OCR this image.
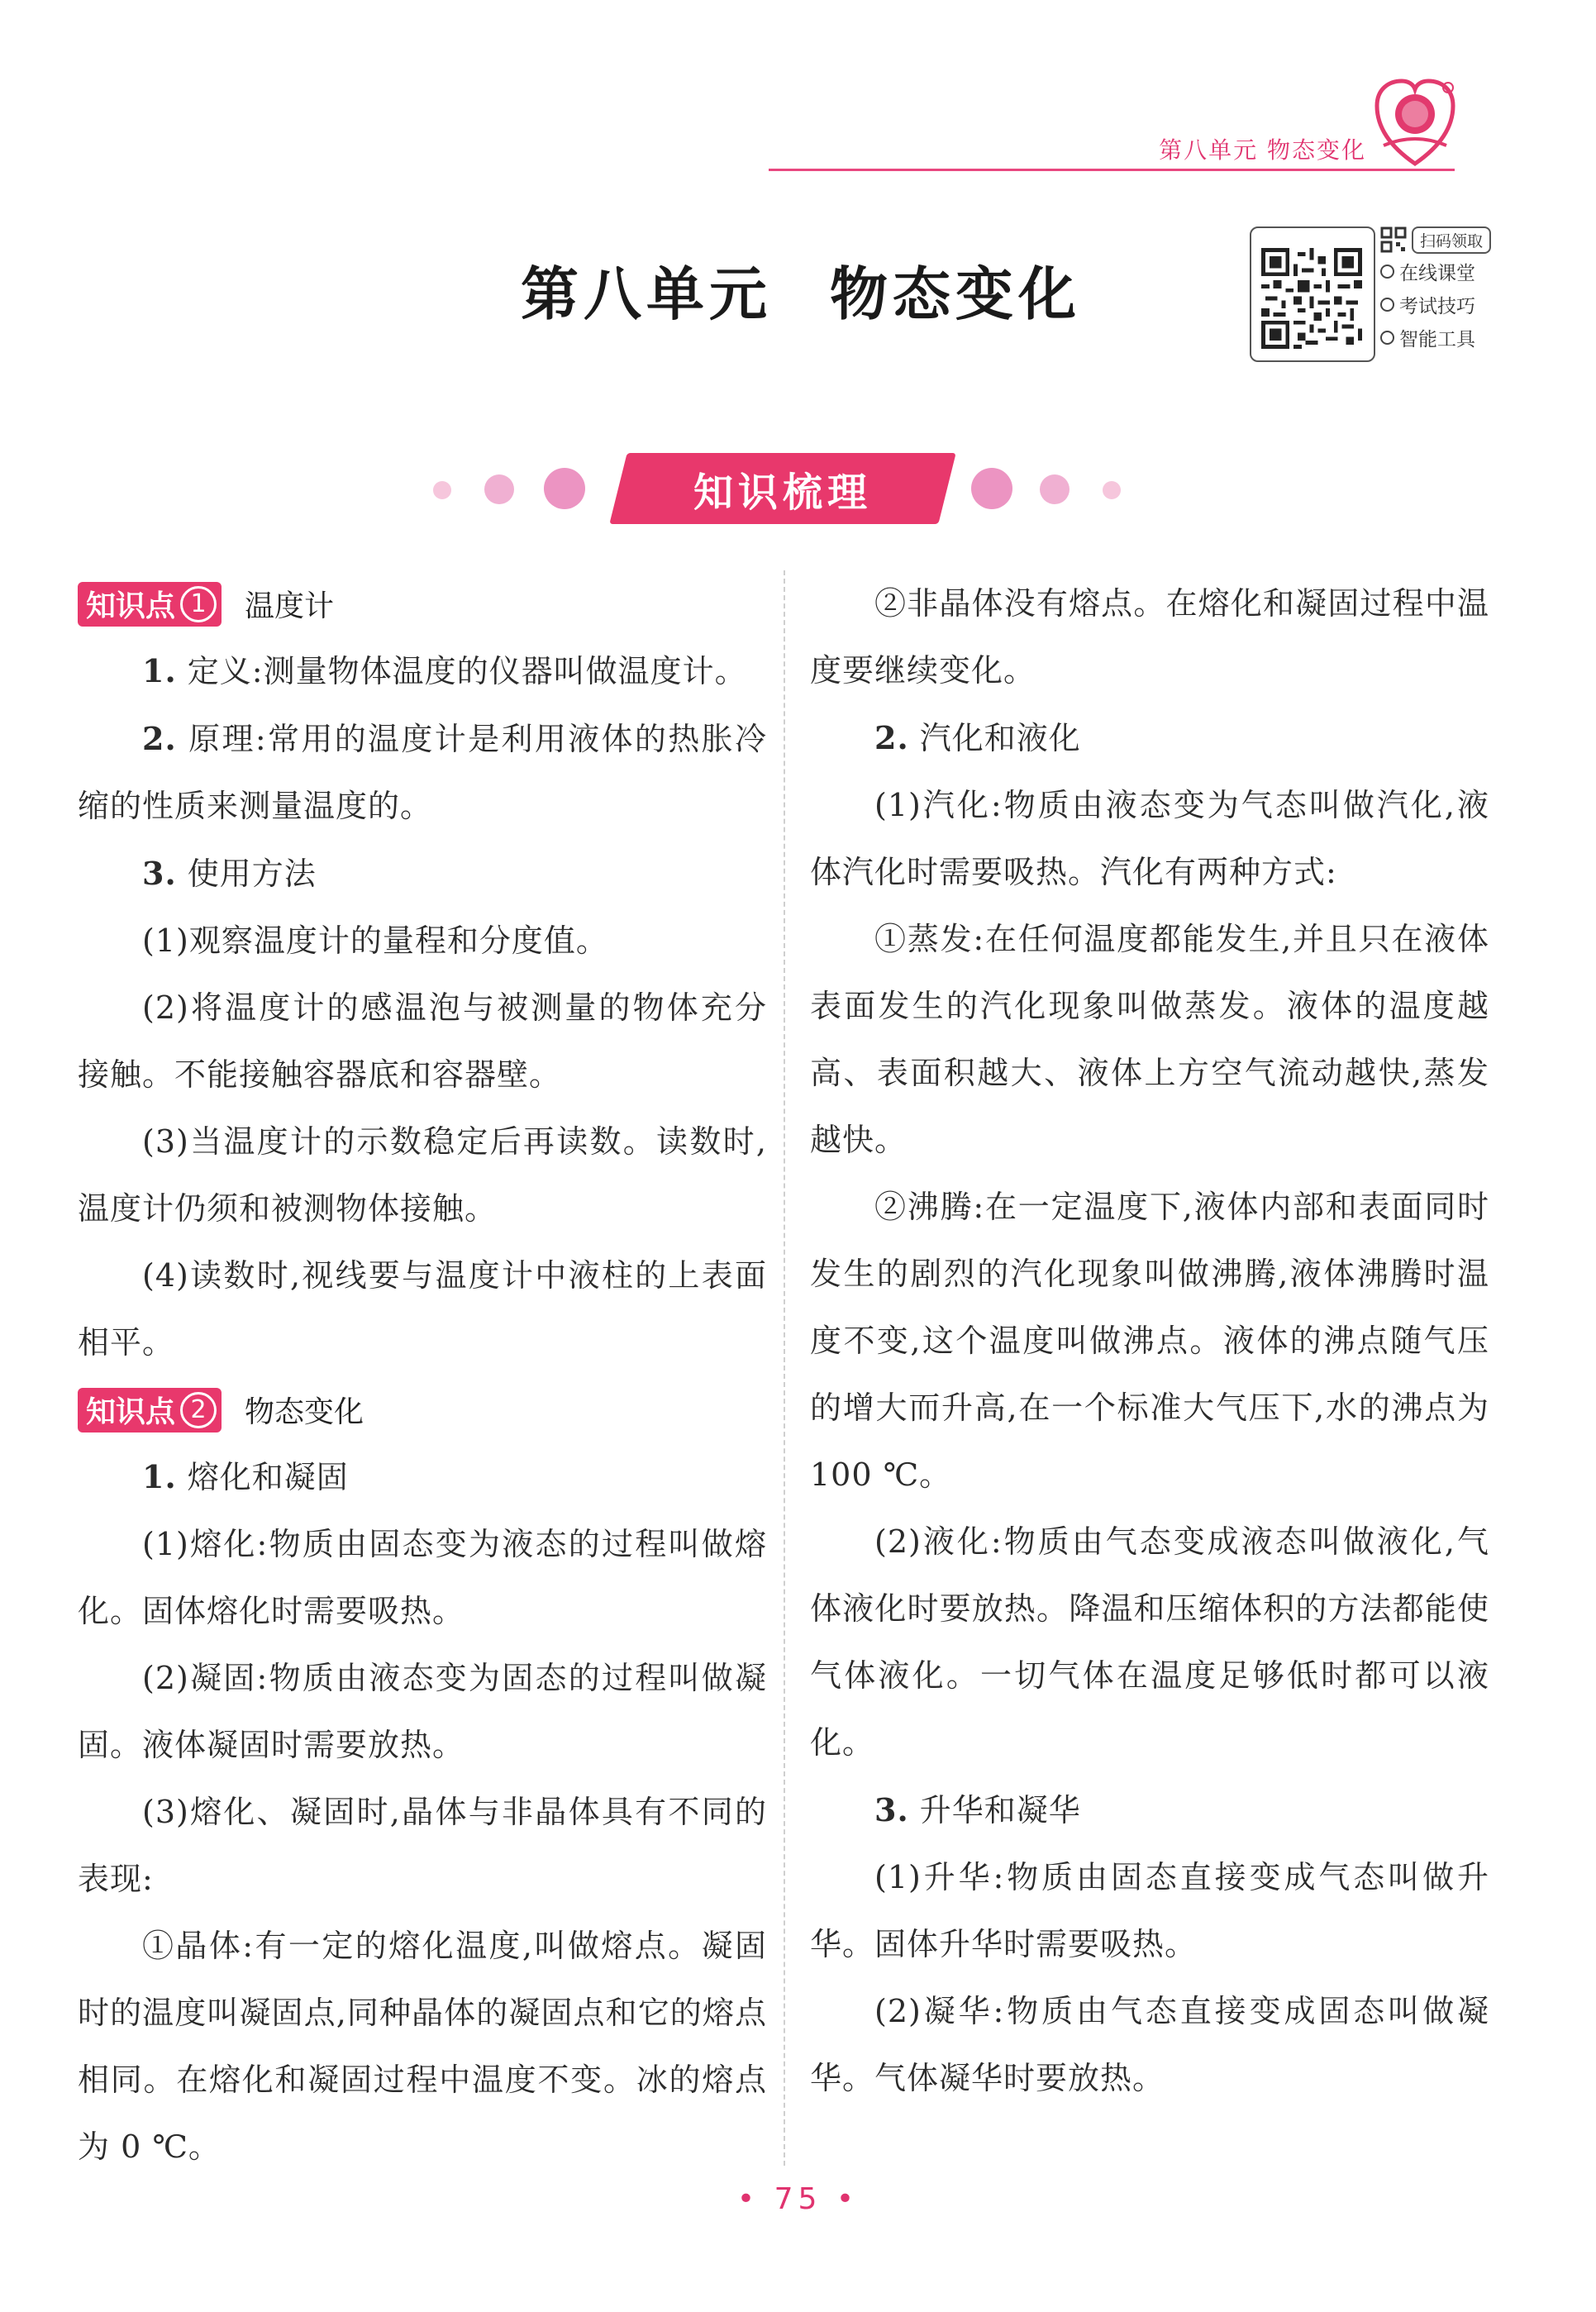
第八单元 物态变化
第八单元 物态变化
扫码领取
在线课堂
考试技巧
智能工具
知识梳理
知识点 1	温度计

1. 定义:测量物体温度的仪器叫做温度计。

2. 原理:常用的温度计是利用液体的热胀冷缩的性质来测量温度的。

3. 使用方法

(1)观察温度计的量程和分度值。

(2)将温度计的感温泡与被测量的物体充分接触。不能接触容器底和容器壁。

(3)当温度计的示数稳定后再读数。读数时,温度计仍须和被测物体接触。

(4)读数时,视线要与温度计中液柱的上表面相平。

知识点 2	物态变化

1. 熔化和凝固

(1)熔化:物质由固态变为液态的过程叫做熔化。固体熔化时需要吸热。

(2)凝固:物质由液态变为固态的过程叫做凝固。液体凝固时需要放热。

(3)熔化、凝固时,晶体与非晶体具有不同的表现:

①晶体:有一定的熔化温度,叫做熔点。凝固时的温度叫凝固点,同种晶体的凝固点和它的熔点相同。在熔化和凝固过程中温度不变。冰的熔点为 0 ℃。

②非晶体没有熔点。在熔化和凝固过程中温度要继续变化。

2. 汽化和液化

(1)汽化:物质由液态变为气态叫做汽化,液体汽化时需要吸热。汽化有两种方式:

①蒸发:在任何温度都能发生,并且只在液体表面发生的汽化现象叫做蒸发。液体的温度越高、表面积越大、液体上方空气流动越快,蒸发越快。

②沸腾:在一定温度下,液体内部和表面同时发生的剧烈的汽化现象叫做沸腾,液体沸腾时温度不变,这个温度叫做沸点。液体的沸点随气压的增大而升高,在一个标准大气压下,水的沸点为 100 ℃。

(2)液化:物质由气态变成液态叫做液化,气体液化时要放热。降温和压缩体积的方法都能使气体液化。一切气体在温度足够低时都可以液化。

3. 升华和凝华

(1)升华:物质由固态直接变成气态叫做升华。固体升华时需要吸热。

(2)凝华:物质由气态直接变成固态叫做凝华。气体凝华时要放热。

• 75 •
